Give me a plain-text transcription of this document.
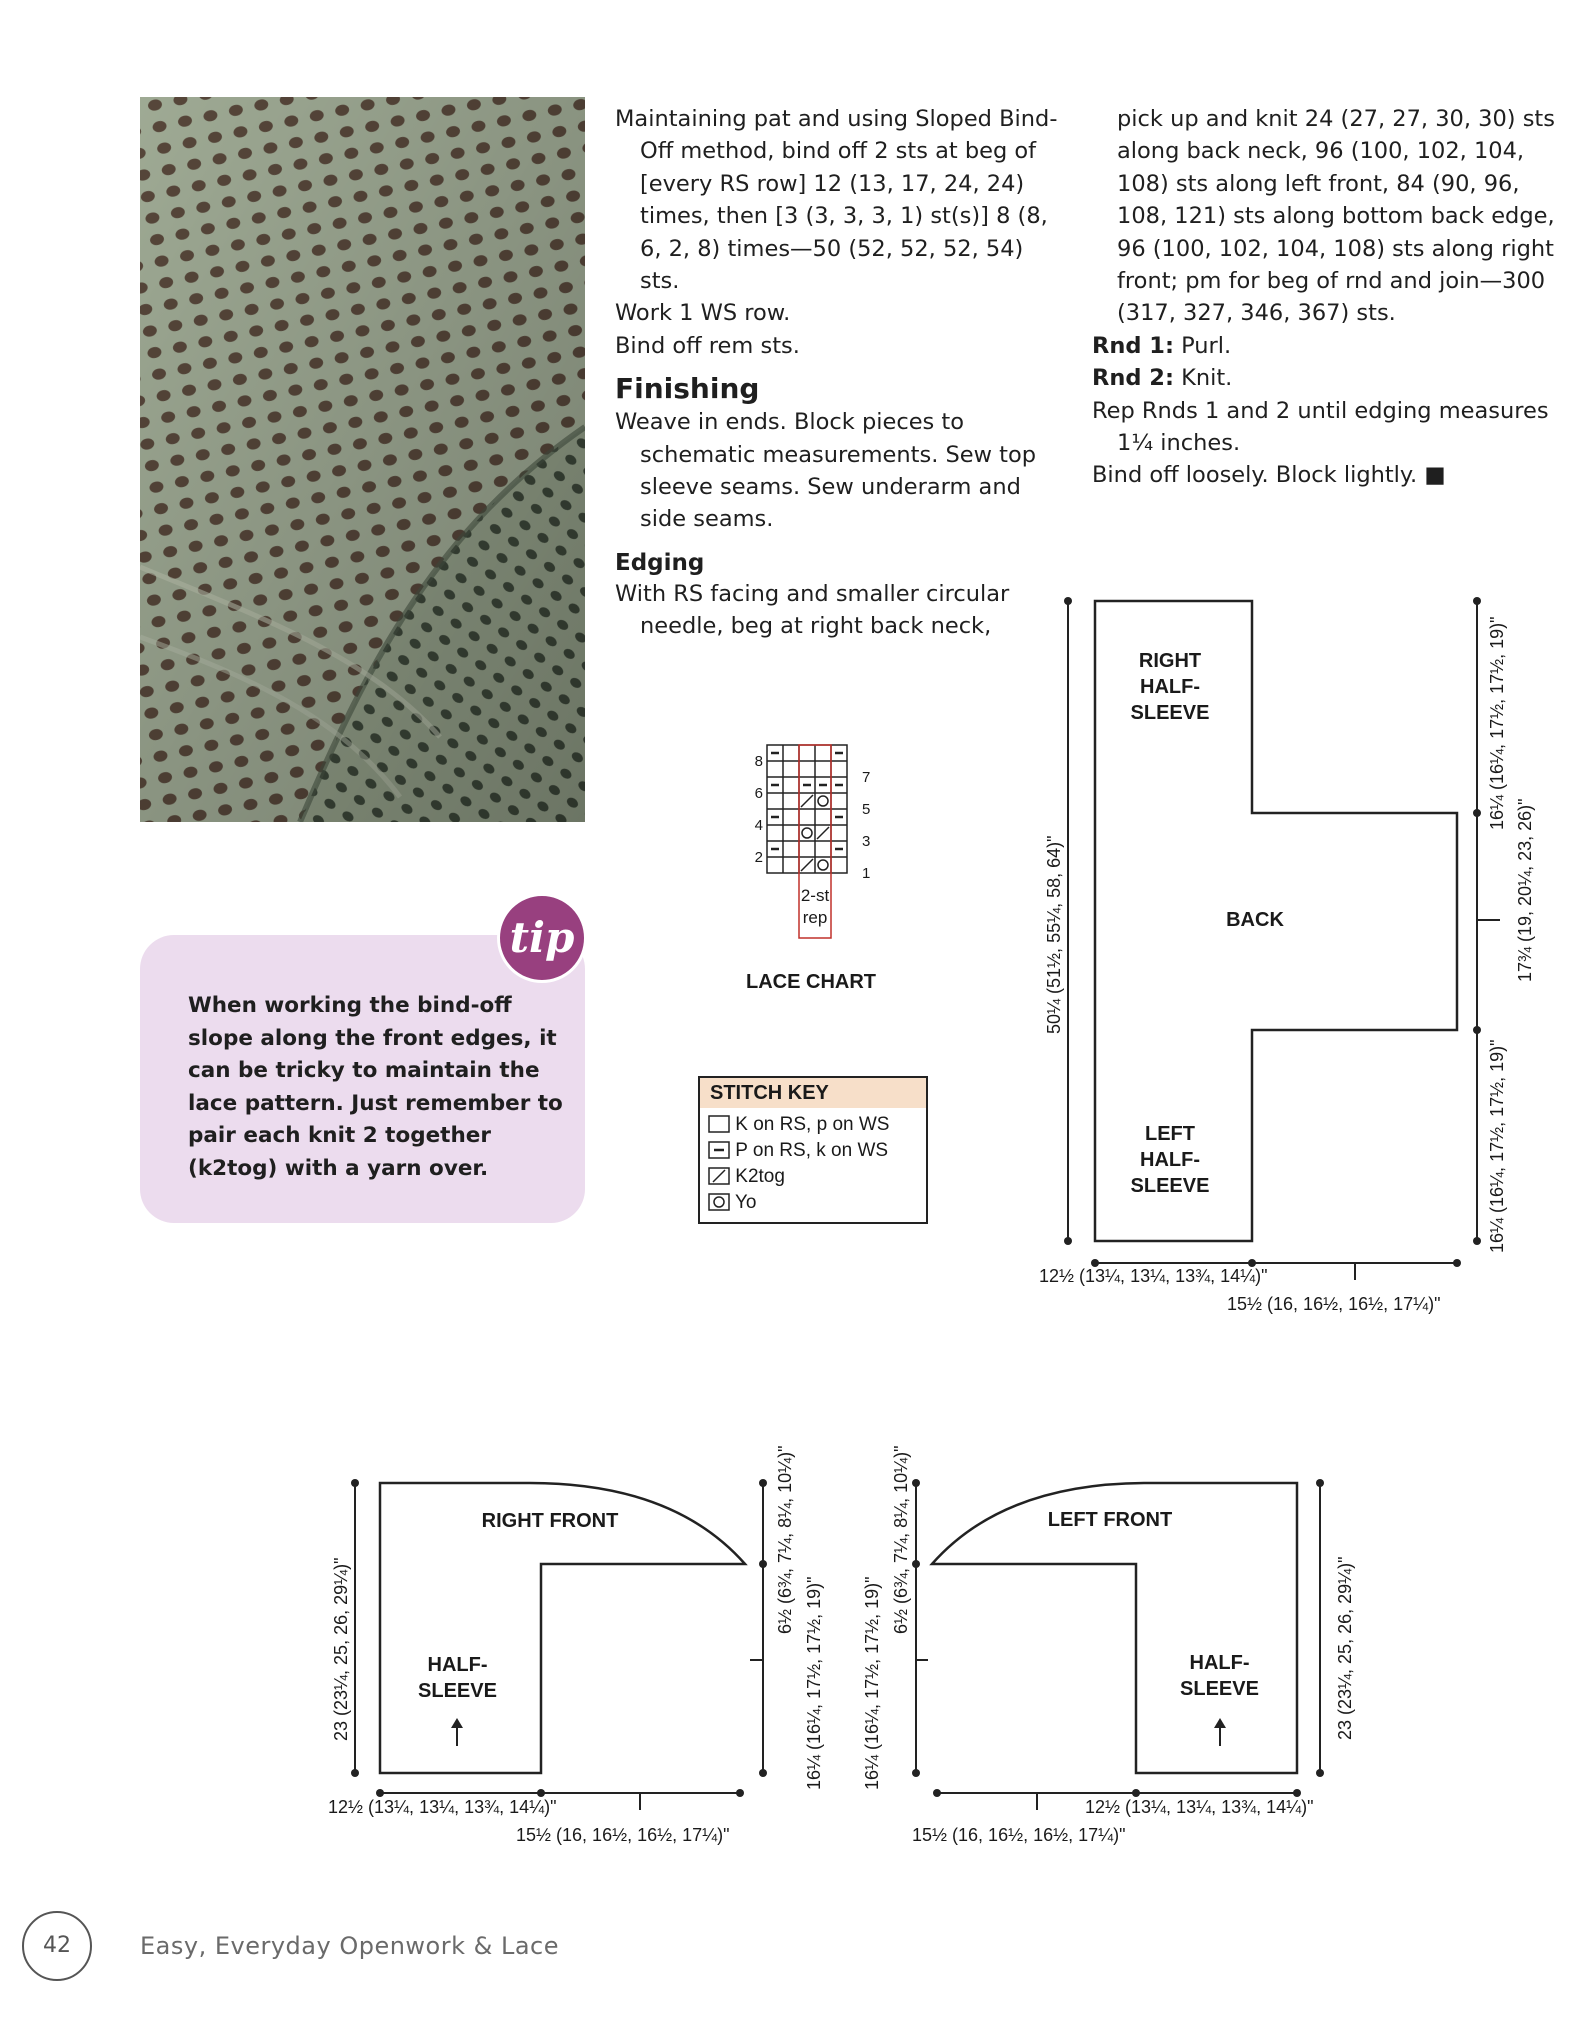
Maintaining pat and using Sloped Bind-Off method, bind off 2 sts at beg of [every RS row] 12 (13, 17, 24, 24) times, then [3 (3, 3, 3, 1) st(s)] 8 (8, 6, 2, 8) times—50 (52, 52, 52, 54) sts.

Work 1 WS row.

Bind off rem sts.

Finishing

Weave in ends. Block pieces to schematic measurements. Sew top sleeve seams. Sew underarm and side seams.

Edging

With RS facing and smaller circular needle, beg at right back neck,

pick up and knit 24 (27, 27, 30, 30) sts along back neck, 96 (100, 102, 104, 108) sts along left front, 84 (90, 96, 108, 121) sts along bottom back edge, 96 (100, 102, 104, 108) sts along right front; pm for beg of rnd and join—300 (317, 327, 346, 367) sts.

Rnd 1: Purl.

Rnd 2: Knit.

Rep Rnds 1 and 2 until edging measures 1¼ inches.

Bind off loosely. Block lightly. ■

tip
When working the bind-off slope along the front edges, it can be tricky to maintain the lace pattern. Just remember to pair each knit 2 together (k2tog) with a yarn over.
8
6
4
2
7
5
3
1
2-st
rep
LACE CHART
STITCH KEY
K on RS, p on WS
P on RS, k on WS
K2tog
Yo
RIGHT
HALF-
SLEEVE
BACK
LEFT
HALF-
SLEEVE
50¼ (51½, 55¼, 58, 64)"
16¼ (16¼, 17½, 17½, 19)"
17¾ (19, 20¼, 23, 26)"
16¼ (16¼, 17½, 17½, 19)"
12½ (13¼, 13¼, 13¾, 14¼)"
15½ (16, 16½, 16½, 17¼)"
RIGHT FRONT
HALF-
SLEEVE
23 (23¼, 25, 26, 29¼)"
6½ (6¾, 7¼, 8¼, 10¼)"
16¼ (16¼, 17½, 17½, 19)"
12½ (13¼, 13¼, 13¾, 14¼)"
15½ (16, 16½, 16½, 17¼)"
LEFT FRONT
HALF-
SLEEVE	23 (23¼, 25, 26, 29¼)"
6½ (6¾, 7¼, 8¼, 10¼)"
16¼ (16¼, 17½, 17½, 19)"
12½ (13¼, 13¼, 13¾, 14¼)"
15½ (16, 16½, 16½, 17¼)"
42	Easy, Everyday Openwork & Lace
